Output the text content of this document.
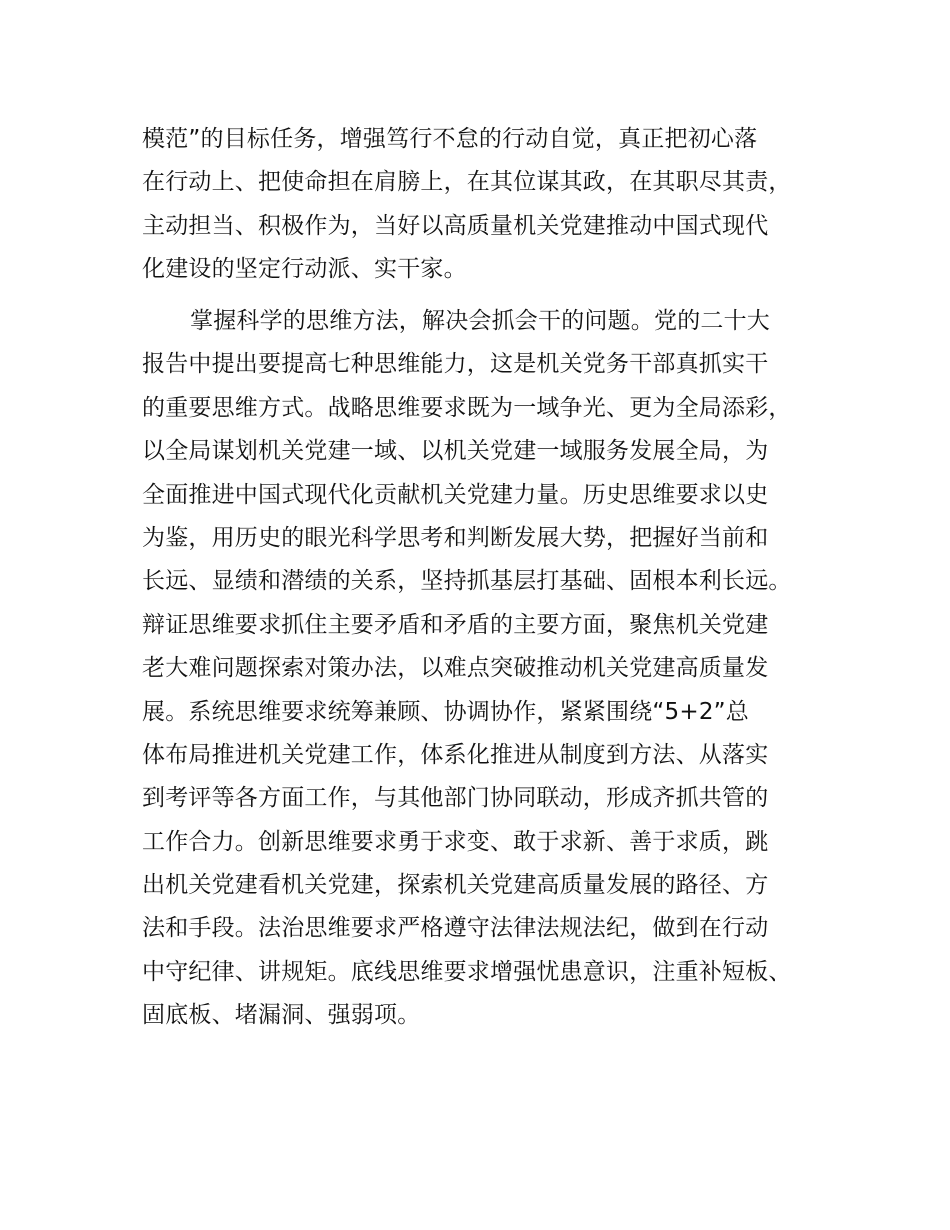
模范”的目标任务，增强笃行不怠的行动自觉，真正把初心落
在行动上、把使命担在肩膀上，在其位谋其政，在其职尽其责，
主动担当、积极作为，当好以高质量机关党建推动中国式现代
化建设的坚定行动派、实干家。
掌握科学的思维方法，解决会抓会干的问题。党的二十大
报告中提出要提高七种思维能力，这是机关党务干部真抓实干
的重要思维方式。战略思维要求既为一域争光、更为全局添彩，
以全局谋划机关党建一域、以机关党建一域服务发展全局，为
全面推进中国式现代化贡献机关党建力量。历史思维要求以史
为鉴，用历史的眼光科学思考和判断发展大势，把握好当前和
长远、显绩和潜绩的关系，坚持抓基层打基础、固根本利长远。
辩证思维要求抓住主要矛盾和矛盾的主要方面，聚焦机关党建
老大难问题探索对策办法，以难点突破推动机关党建高质量发
展。系统思维要求统筹兼顾、协调协作，紧紧围绕“5+2”总
体布局推进机关党建工作，体系化推进从制度到方法、从落实
到考评等各方面工作，与其他部门协同联动，形成齐抓共管的
工作合力。创新思维要求勇于求变、敢于求新、善于求质，跳
出机关党建看机关党建，探索机关党建高质量发展的路径、方
法和手段。法治思维要求严格遵守法律法规法纪，做到在行动
中守纪律、讲规矩。底线思维要求增强忧患意识，注重补短板、
固底板、堵漏洞、强弱项。
